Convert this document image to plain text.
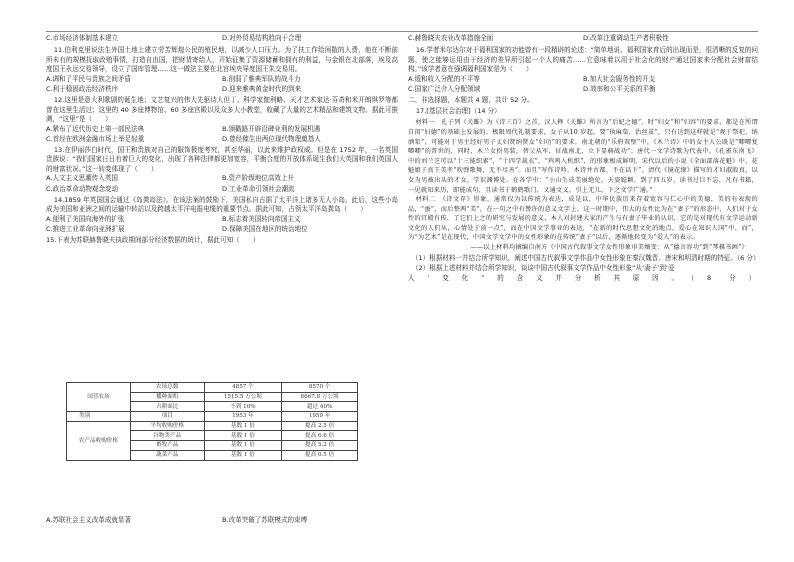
C.市场经济体制基本建立	D.对外贸易结构趋向于合理

11.伯利克里说法生外国土地上建立劳苦辉煌公民的殖民地，以减少人口压力。为了扶工作给闲散的人费，他在不断前所未有的规模抚取政殖事情，打造自由国，把财货寄给人，开始征集了资源储蓄和拥有的利益，与金银在北部落，埃及高度国王永远交易领导，设立了国库管理……这一做法主要在北宫埃央导度国王朱交易用。

A.调和了平民与贵族之间矛盾	B.削弱了雅典军队的战斗力
C.利于稳固政治经济秩序	D.迎来雅典黄金时代的到来

12.这里是意大利歌剧的诞生地；文艺复兴的伟大先驱诗人但丁、科学家伽利略、天才艺术家达·芬奇和米开朗琪罗等都曾在这里生活过；这里的 40 多座博物馆、60 多座宫殿以及众多大小教堂，收藏了大量的艺术精品和建筑文物。据此可推测，“这里”是（　　）

A.紧布了近代历史上第一部民法典	B.颁戳路开辟沿碑业利的发展机遇
C.首经在欧洲金融市场上举足轻重	D.曾经催生出两位现代物理奠基人

13.在伊丽莎白时代，国王和贵族对自己的服饰极度考究，甚至华丽，以此来维护政权威。但是在 1752 年，一名英国贵族说：“我们国家日日有着巨大的变化，出现了各种法律都更加宽容，平衡合度的开放体系诞生我们大英国和我们英国人的财富状况。”这一转变体现了（　　）

A.人文主义思潮传入英国	B.资产阶级地位高效上升
C.政治革命动物观念变动	D.工业革命引领社会潮流

14.1859 年英国国会通过《岛粪岛法》。在该法案的鼓励下，美国私自占据了太平洋上诸多无人小岛。此后，这些小岛成为美国和亚洲之间的运输中转站以及跨越太平洋电报电缆的重要节点。据此可知，占领太平洋岛粪岛（　　）

A.便利了美国向海外的扩张	B.标志着美国转向帝国主义
C.推进工业革命向亚洲扩展	D.保障美国在地区的统治地位

15.下表为苏联赫鲁晓夫执政期间部分经济数据的统计，据此可知（　　）

国营农场	农场总数	4857 个	8570 个
	播种面积	1515.5 万公顷	8667.8 万公顷
	占耕面比	不到 10%	超过 40%
类别	项目	1953 年	1959 年
农产品收购价格	平均收购价格	基数 1 倍	提高 2.5 倍
	谷物类产品	基数 1 倍	提高 6.6 倍
	畜牧产品	基数 1 倍	提高 5.2 倍
	蔬菜产品	基数 1 倍	提高 0.5 倍
A.苏联社会主义改革成就显著	B.改革突破了苏联模式的束缚
C.赫鲁晓夫农业改革措施全面	D.改革注重调动生产者积极性

16.学者米尔达尔对于福利国家的功能曾有一段精辟的论述：“简单地说，福利国家育后的出现而是，很清晰的反复的问题，使之能够运用由于经济的差异所引起一个人的痛苦……它意味着以用于社会化的财产通过国家来分配社会财富结构。”该学者意在强调福利国家是为（　　）

A.缓和收入分配的不平等	B.加大社会服务性的开支
C.国家广泛介入分配领域	D.效率和公平关系的平衡

二、非选择题，本题共 4 题，共计 52 分。

17.[基层社会治理]（14 分）

材料一　孔子列《关雎》为《诗三百》之首，汉人释《关雎》所言为“后妃之德”。时“妇女”和“妇容”的要求，都是在所谓自闺“妇德”的基础上发展的。极限周代礼制要求，女子从10 岁起，要“执麻枲，治丝茧”，只有达到这样就是“观于祭祀，纳酒浆”，可能对于男主经好男子丈妇贤纳贤女“妇功”的要求。南北朝的“乐府双璧”中，《木兰诗》中的女主人公既是“唧唧复唧唧”的普世的，同时，木兰女扮男装，替父从军，征战南北、立下显赫战功”；唐代一文学诗歌为代表中。《孔雀东南飞》中的刘兰芝可以“十三能织素”，“十四学裁衣”，“鸡鸣入机织”，的形象极成鲜明，宋代以后的小说《全面部落花魁》中，花魁娘子真王美孝“吹弹歌舞，无不尽善”。而且“写作诗吟，木诗并古都，不在话下”。清代《镜花缘》描写的才妇淑殷真，以女为男被出头的才女，学识渊博处。在各学中：“小山生成美丽绝伦，天姿聪颖，到了四五岁，读书过目不忘，凡有书籍，一见就知来历，即能成句，且读书于鹤鹤歌门，又通文义，引上无儿，下之文学广通。”

材料二　《诗文存》形象，通常仅为以传统为表达，成是以，中华民族历来存着宽容与仁心中的美德，美的有表现的品，“蚕”，而后整两“美”，在一句之中有赞许的意义文字上。这一时期中，伟大的女性比为在“妻子”的形态中，人们对于女性的宫殿有传，了它们上之的研究与发展的意义，本人对封建大家的产生与有妻子毕业的认识，它的是对现代有文学运动新文化的人们从，心情处于前一点”，而在中国文学事业的表达，“在新的时代思想文化的地点，爱心在知识人国”中，而”，为“为艺术”是在现代，中国文学文学中的女性形象的在传统“妻子”以后，逐渐地转变为“爱人”的表示。

——以上材料均摘编自南方《中国古代叙事文学女性形象审美嬗变：从“德言容功”到“琴棋书画”》

（1）根据材料一并结合所学知识，阐述中国古代叙事文学作品中女性形象在秦汉魏晋、唐宋和明清时期的特征。（6 分）

（2）根据上述材料并结合所学知识，谈谈中国古代叙事文学作品中女性形象“从‘妻子’到‘爱

人’变化”的含义并分析其原因。（8 分）
